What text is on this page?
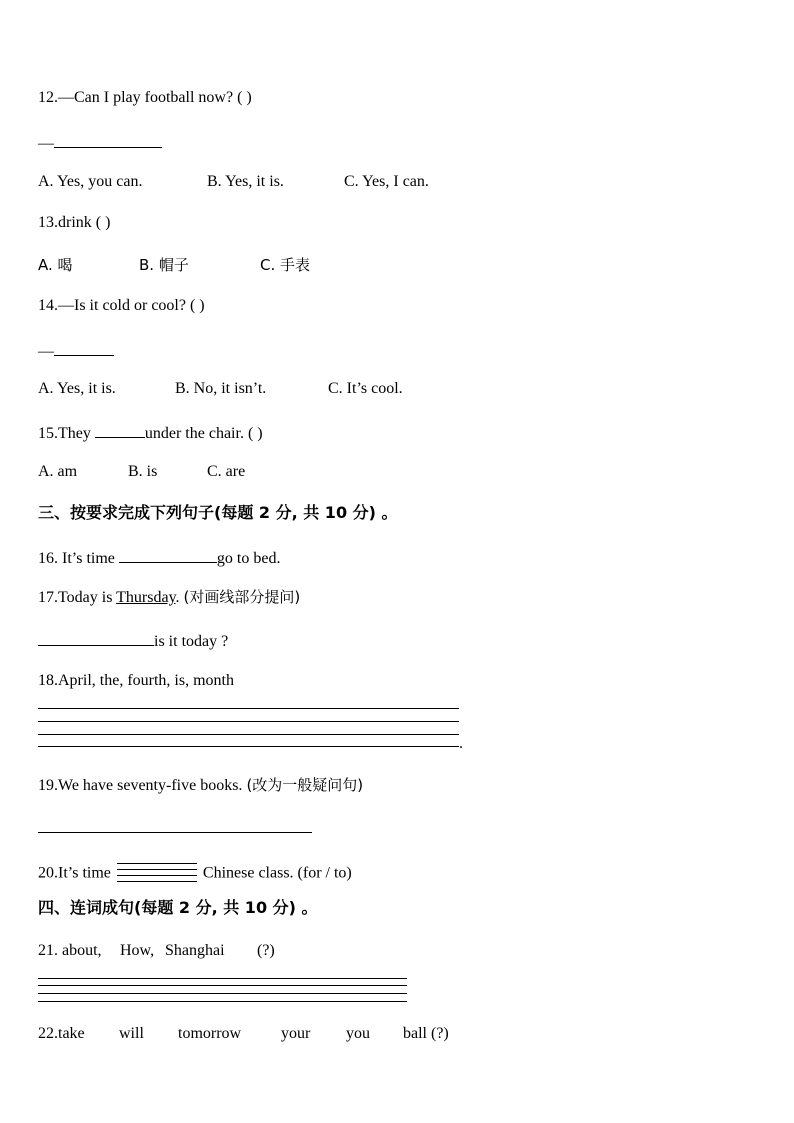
12.—Can I play football now? ( )
—
A. Yes, you can.	B. Yes, it is.	C. Yes, I can.
13.drink ( )
A. 喝	B. 帽子	C. 手表
14.—Is it cold or cool? ( )
—
A. Yes, it is.	B. No, it isn’t.	C. It’s cool.
15.They	under the chair. ( )
A. am	B. is	C. are
三、按要求完成下列句子(每题 2 分, 共 10 分) 。
16. It’s time	go to bed.
17.Today is Thursday. (对画线部分提问)
is it today ?
18.April, the, fourth, is, month
.
19.We have seventy-five books. (改为一般疑问句)
20.It’s time	Chinese class. (for / to)
四、连词成句(每题 2 分, 共 10 分) 。
21. about, How, Shanghai (?)
22.take will tomorrow your you ball (?)
